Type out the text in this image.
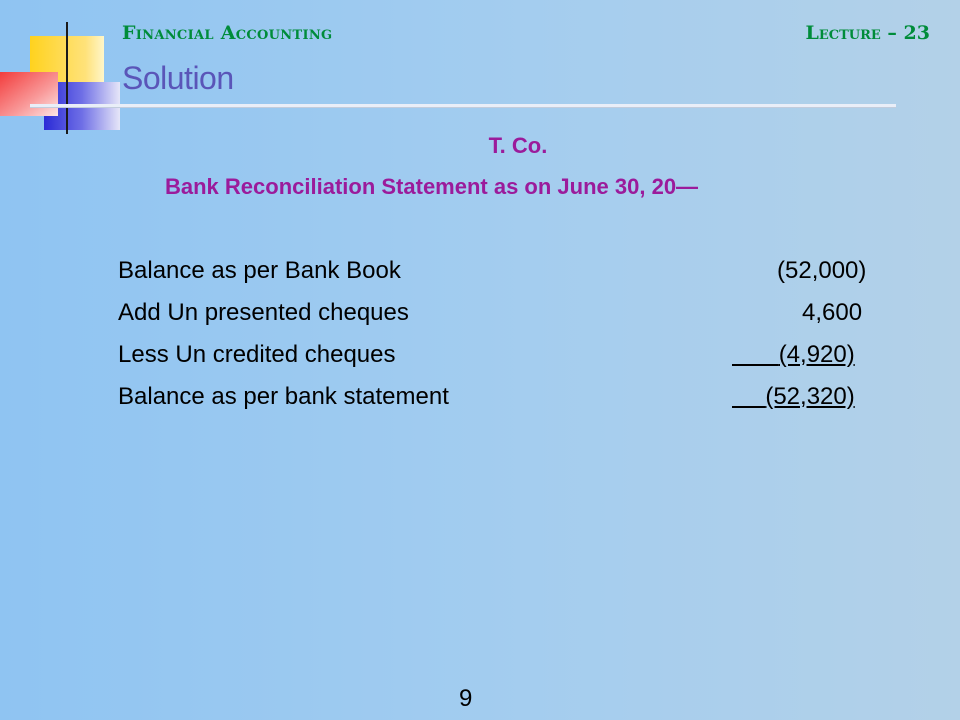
Financial Accounting	Lecture – 23
Solution
T. Co.
Bank Reconciliation Statement as on June 30, 20—
Balance as per Bank Book	(52,000)
Add Un presented cheques	4,600
Less Un credited cheques	(4,920)
Balance as per bank statement	(52,320)
9
